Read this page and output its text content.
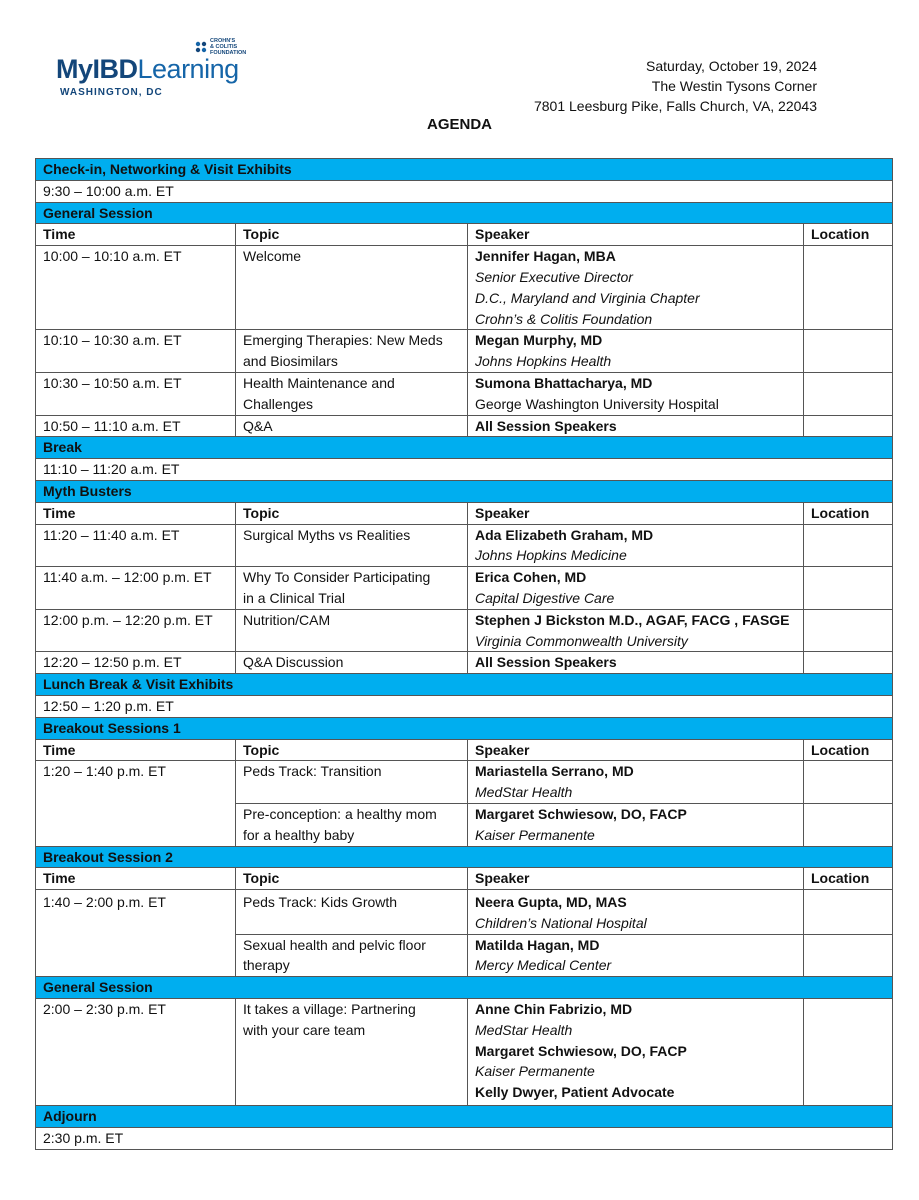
CROHN'S
& COLITIS
FOUNDATION
MyIBDLearning
WASHINGTON, DC
Saturday, October 19, 2024
The Westin Tysons Corner
7801 Leesburg Pike, Falls Church, VA, 22043
AGENDA
Check-in, Networking & Visit Exhibits			
9:30 – 10:00 a.m. ET			
General Session			
Time	Topic	Speaker	Location
10:00 – 10:10 a.m. ET	Welcome	Jennifer Hagan, MBA
Senior Executive Director
D.C., Maryland and Virginia Chapter
Crohn’s & Colitis Foundation	

10:10 – 10:30 a.m. ET	Emerging Therapies: New Meds
and Biosimilars	Megan Murphy, MD
Johns Hopkins Health	

10:30 – 10:50 a.m. ET	Health Maintenance and
Challenges	Sumona Bhattacharya, MD
George Washington University Hospital	

10:50 – 11:10 a.m. ET	Q&A	All Session Speakers	

Break			
11:10 – 11:20 a.m. ET			
Myth Busters			
Time	Topic	Speaker	Location
11:20 – 11:40 a.m. ET	Surgical Myths vs Realities	Ada Elizabeth Graham, MD
Johns Hopkins Medicine	

11:40 a.m. – 12:00 p.m. ET	Why To Consider Participating
in a Clinical Trial	Erica Cohen, MD
Capital Digestive Care	

12:00 p.m. – 12:20 p.m. ET	Nutrition/CAM	Stephen J Bickston M.D., AGAF, FACG , FASGE
Virginia Commonwealth University	

12:20 – 12:50 p.m. ET	Q&A Discussion	All Session Speakers	

Lunch Break & Visit Exhibits			
12:50 – 1:20 p.m. ET			
Breakout Sessions 1			
Time	Topic	Speaker	Location
1:20 – 1:40 p.m. ET	Peds Track: Transition	Mariastella Serrano, MD
MedStar Health	

	Pre-conception: a healthy mom
for a healthy baby	Margaret Schwiesow, DO, FACP
Kaiser Permanente	

Breakout Session 2			
Time	Topic	Speaker	Location
1:40 – 2:00 p.m. ET	Peds Track: Kids Growth	Neera Gupta, MD, MAS
Children’s National Hospital	

	Sexual health and pelvic floor
therapy	Matilda Hagan, MD
Mercy Medical Center	

General Session			
2:00 – 2:30 p.m. ET	It takes a village: Partnering
with your care team	Anne Chin Fabrizio, MD
MedStar Health
Margaret Schwiesow, DO, FACP
Kaiser Permanente
Kelly Dwyer, Patient Advocate	

Adjourn			
2:30 p.m. ET			
